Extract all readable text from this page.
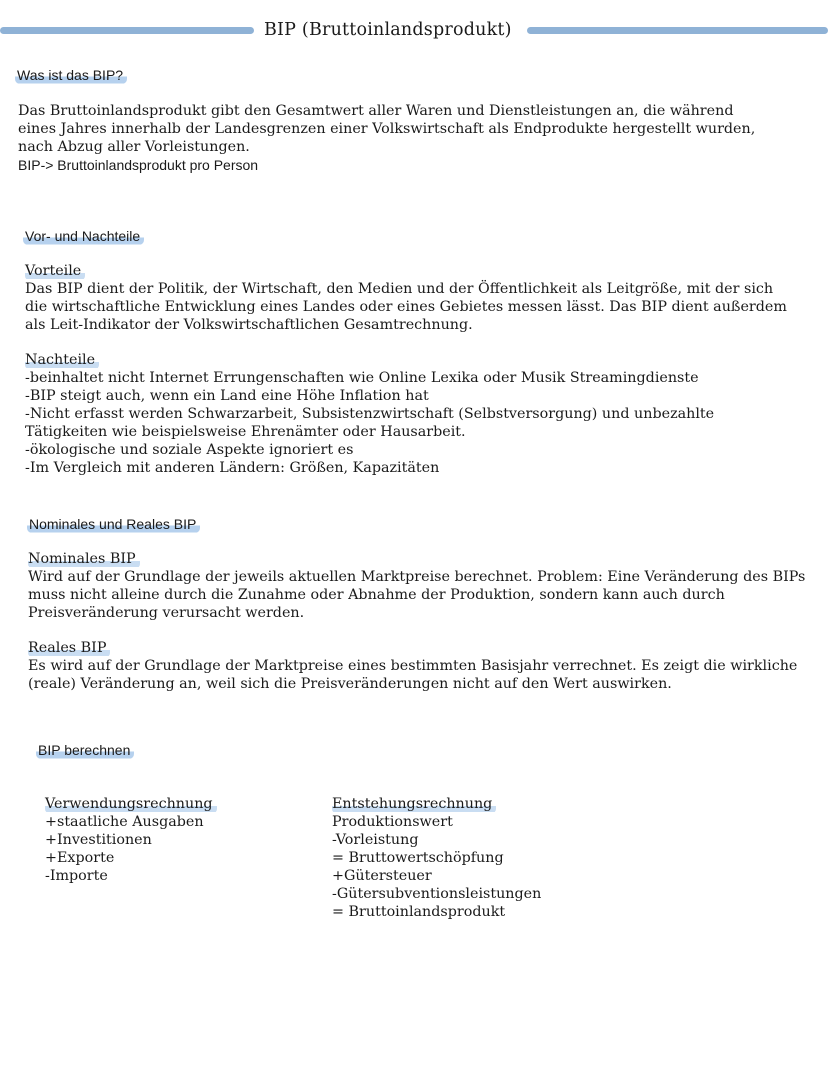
BIP (Bruttoinlandsprodukt)
Was ist das BIP?

Das Bruttoinlandsprodukt gibt den Gesamtwert aller Waren und Dienstleistungen an, die während

eines Jahres innerhalb der Landesgrenzen einer Volkswirtschaft als Endprodukte hergestellt wurden,

nach Abzug aller Vorleistungen.

BIP-> Bruttoinlandsprodukt pro Person

Vor- und Nachteile
Vorteile

Das BIP dient der Politik, der Wirtschaft, den Medien und der Öffentlichkeit als Leitgröße, mit der sich

die wirtschaftliche Entwicklung eines Landes oder eines Gebietes messen lässt. Das BIP dient außerdem

als Leit-Indikator der Volkswirtschaftlichen Gesamtrechnung.

Nachteile

-beinhaltet nicht Internet Errungenschaften wie Online Lexika oder Musik Streamingdienste

-BIP steigt auch, wenn ein Land eine Höhe Inflation hat

-Nicht erfasst werden Schwarzarbeit, Subsistenzwirtschaft (Selbstversorgung) und unbezahlte

Tätigkeiten wie beispielsweise Ehrenämter oder Hausarbeit.

-ökologische und soziale Aspekte ignoriert es

-Im Vergleich mit anderen Ländern: Größen, Kapazitäten

Nominales und Reales BIP
Nominales BIP

Wird auf der Grundlage der jeweils aktuellen Marktpreise berechnet. Problem: Eine Veränderung des BIPs

muss nicht alleine durch die Zunahme oder Abnahme der Produktion, sondern kann auch durch

Preisveränderung verursacht werden.

Reales BIP

Es wird auf der Grundlage der Marktpreise eines bestimmten Basisjahr verrechnet. Es zeigt die wirkliche

(reale) Veränderung an, weil sich die Preisveränderungen nicht auf den Wert auswirken.

BIP berechnen
Verwendungsrechnung

+staatliche Ausgaben

+Investitionen

+Exporte

-Importe

Entstehungsrechnung

Produktionswert

-Vorleistung

= Bruttowertschöpfung

+Gütersteuer

-Gütersubventionsleistungen

= Bruttoinlandsprodukt
